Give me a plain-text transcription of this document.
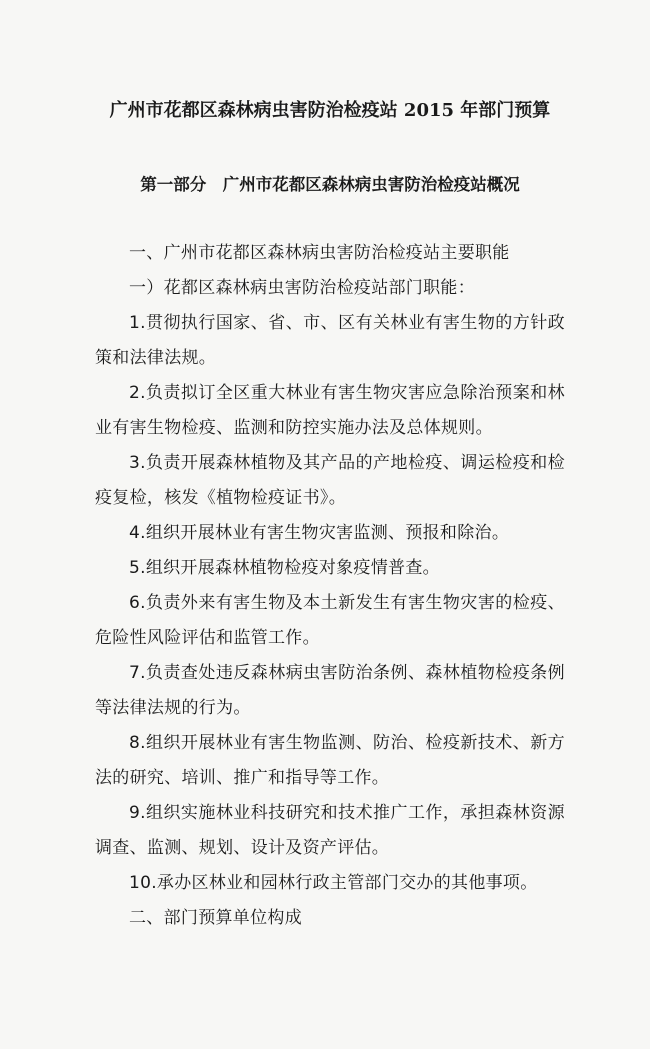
广州市花都区森林病虫害防治检疫站 2015 年部门预算
第一部分　广州市花都区森林病虫害防治检疫站概况

一、广州市花都区森林病虫害防治检疫站主要职能

一）花都区森林病虫害防治检疫站部门职能：

1.贯彻执行国家、省、市、区有关林业有害生物的方针政策和法律法规。

2.负责拟订全区重大林业有害生物灾害应急除治预案和林业有害生物检疫、监测和防控实施办法及总体规则。

3.负责开展森林植物及其产品的产地检疫、调运检疫和检疫复检，核发《植物检疫证书》。

4.组织开展林业有害生物灾害监测、预报和除治。

5.组织开展森林植物检疫对象疫情普查。

6.负责外来有害生物及本土新发生有害生物灾害的检疫、危险性风险评估和监管工作。

7.负责查处违反森林病虫害防治条例、森林植物检疫条例等法律法规的行为。

8.组织开展林业有害生物监测、防治、检疫新技术、新方法的研究、培训、推广和指导等工作。

9.组织实施林业科技研究和技术推广工作，承担森林资源调查、监测、规划、设计及资产评估。

10.承办区林业和园林行政主管部门交办的其他事项。

二、部门预算单位构成
